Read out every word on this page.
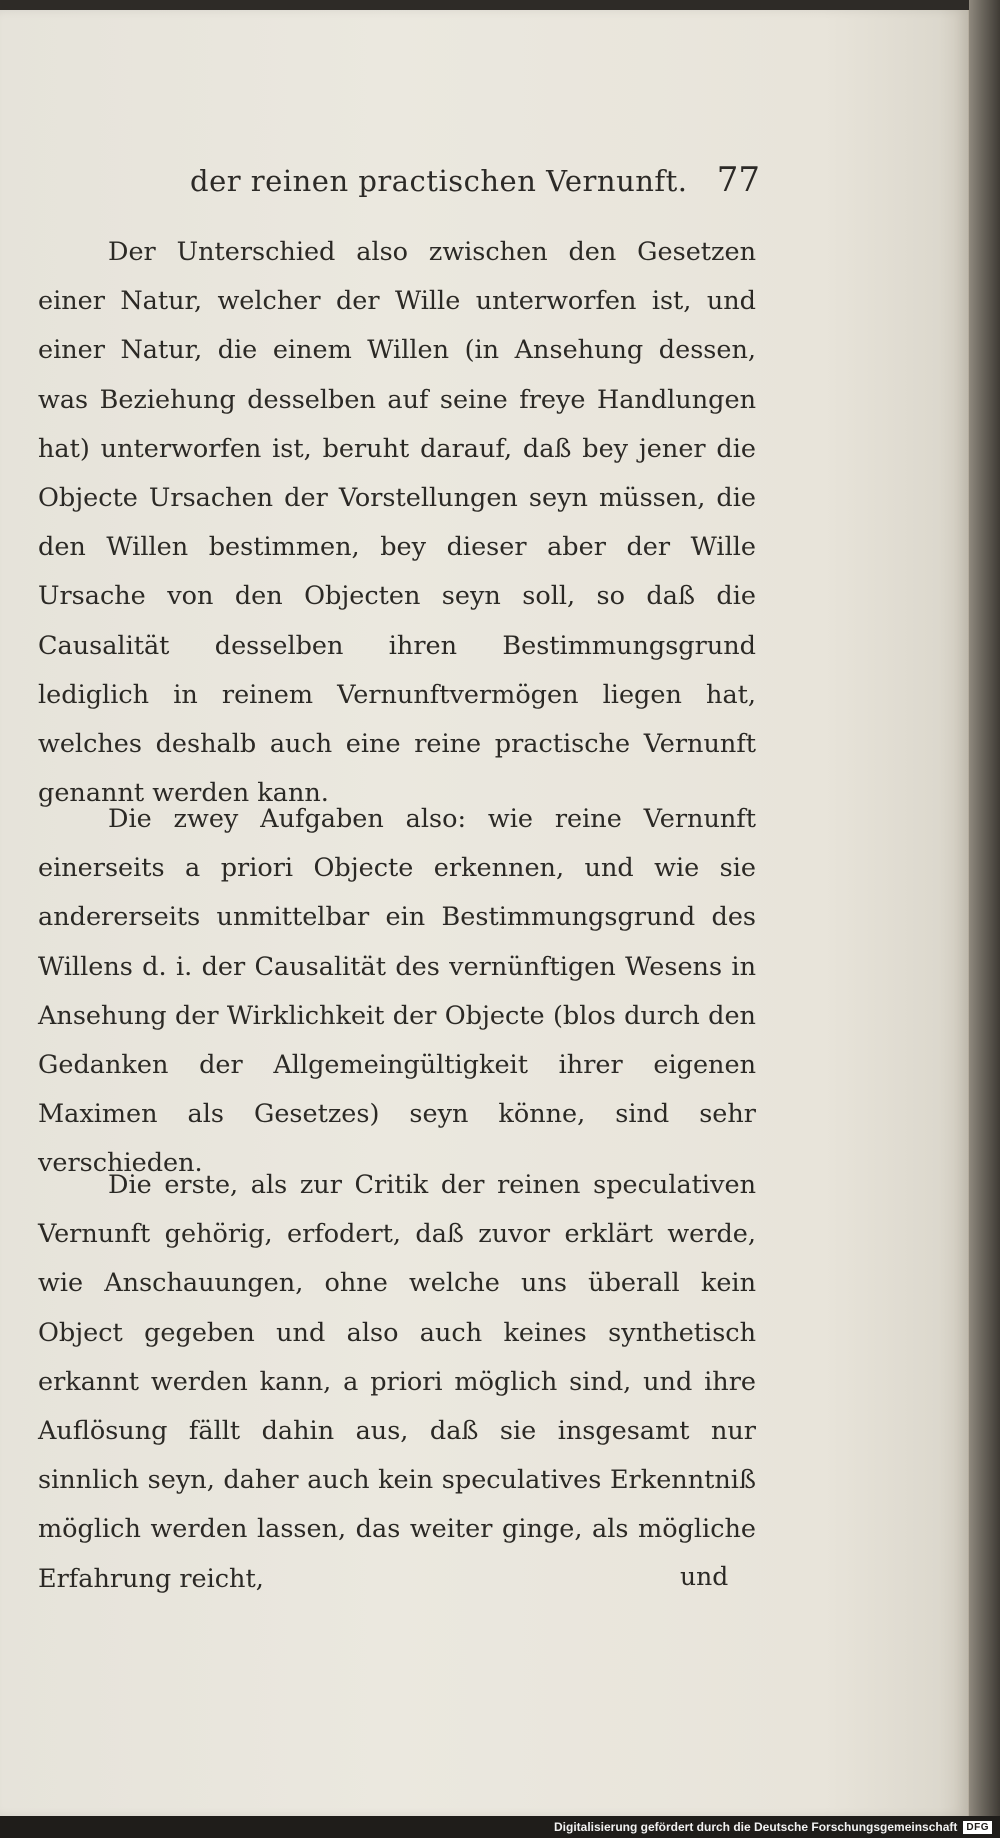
der reinen practischen Vernunft. 77

Der Unterschied also zwischen den Gesetzen einer Natur, welcher der Wille unterworfen ist, und einer Natur, die einem Willen (in Ansehung dessen, was Beziehung desselben auf seine freye Handlungen hat) unterworfen ist, beruht darauf, daß bey jener die Objecte Ursachen der Vorstellungen seyn müssen, die den Willen bestimmen, bey dieser aber der Wille Ursache von den Objecten seyn soll, so daß die Causalität desselben ihren Bestimmungsgrund lediglich in reinem Vernunftvermögen liegen hat, welches deshalb auch eine reine practische Vernunft genannt werden kann.

Die zwey Aufgaben also: wie reine Vernunft einerseits a priori Objecte erkennen, und wie sie andererseits unmittelbar ein Bestimmungsgrund des Willens d. i. der Causalität des vernünftigen Wesens in Ansehung der Wirklichkeit der Objecte (blos durch den Gedanken der Allgemeingültigkeit ihrer eigenen Maximen als Gesetzes) seyn könne, sind sehr verschieden.

Die erste, als zur Critik der reinen speculativen Vernunft gehörig, erfodert, daß zuvor erklärt werde, wie Anschauungen, ohne welche uns überall kein Object gegeben und also auch keines synthetisch erkannt werden kann, a priori möglich sind, und ihre Auflösung fällt dahin aus, daß sie insgesamt nur sinnlich seyn, daher auch kein speculatives Erkenntniß möglich werden lassen, das weiter ginge, als mögliche Erfahrung reicht,	und
Digitalisierung gefördert durch die Deutsche Forschungsgemeinschaft DFG
